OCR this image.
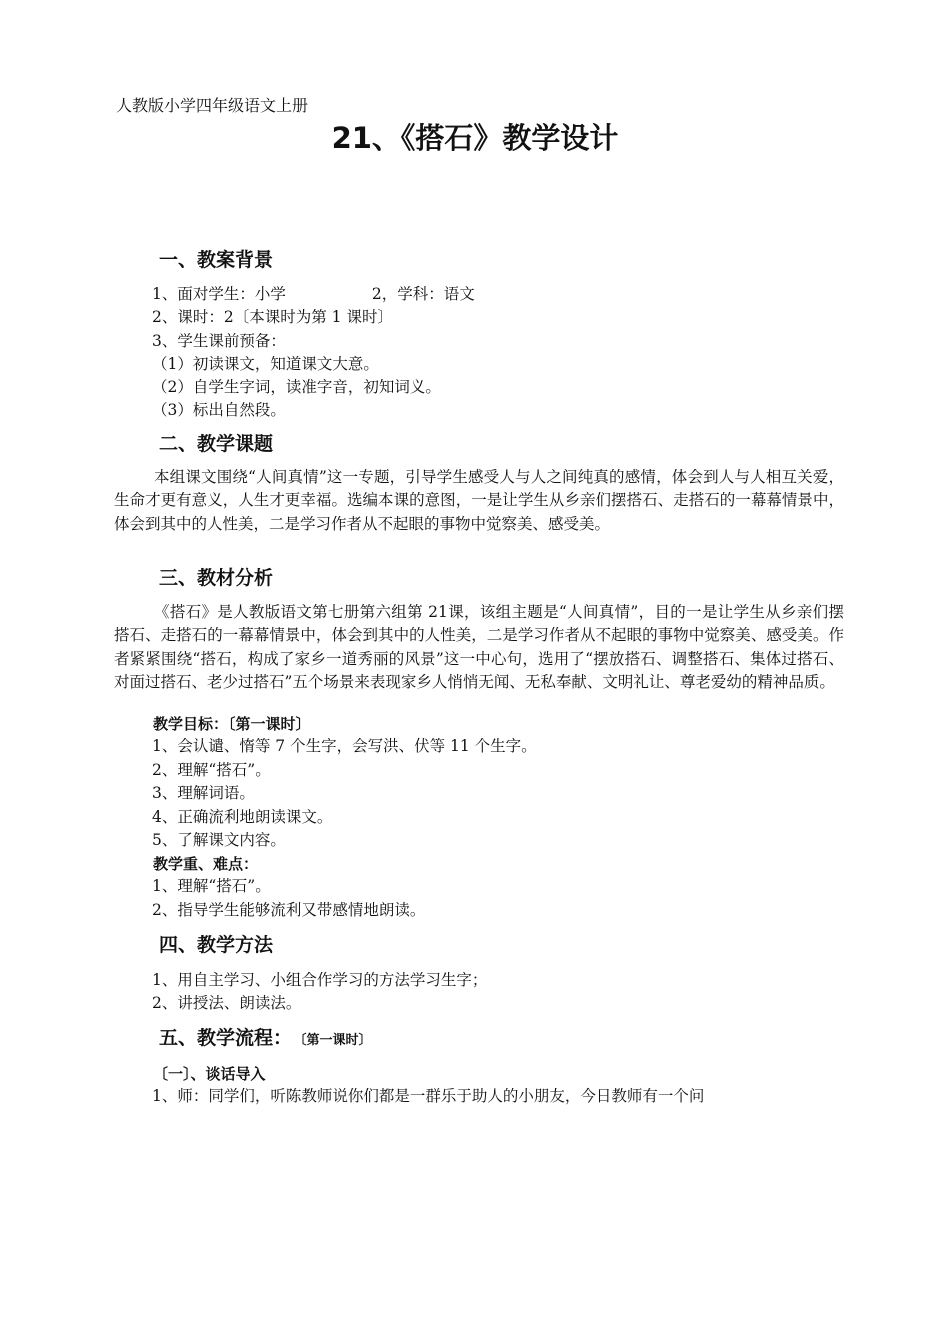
人教版小学四年级语文上册
21、《搭石》教学设计
一、教案背景
1、面对学生：小学	2，学科：语文
2、课时：2〔本课时为第 1 课时〕
3、学生课前预备：
（1）初读课文，知道课文大意。
（2）自学生字词，读准字音，初知词义。
（3）标出自然段。
二、教学课题
本组课文围绕“人间真情”这一专题，引导学生感受人与人之间纯真的感情，体会到人与人相互关爱，生命才更有意义，人生才更幸福。选编本课的意图，一是让学生从乡亲们摆搭石、走搭石的一幕幕情景中，体会到其中的人性美，二是学习作者从不起眼的事物中觉察美、感受美。
三、教材分析
《搭石》是人教版语文第七册第六组第 21课，该组主题是“人间真情”，目的一是让学生从乡亲们摆搭石、走搭石的一幕幕情景中，体会到其中的人性美，二是学习作者从不起眼的事物中觉察美、感受美。作者紧紧围绕“搭石，构成了家乡一道秀丽的风景”这一中心句，选用了“摆放搭石、调整搭石、集体过搭石、对面过搭石、老少过搭石”五个场景来表现家乡人悄悄无闻、无私奉献、文明礼让、尊老爱幼的精神品质。
教学目标：〔第一课时〕
1、会认谴、惰等 7 个生字，会写洪、伏等 11 个生字。
2、理解“搭石”。
3、理解词语。
4、正确流利地朗读课文。
5、了解课文内容。
教学重、难点：
1、理解“搭石”。
2、指导学生能够流利又带感情地朗读。
四、教学方法
1、用自主学习、小组合作学习的方法学习生字；
2、讲授法、朗读法。
五、教学流程： 〔第一课时〕
〔一〕、谈话导入
1、师：同学们，听陈教师说你们都是一群乐于助人的小朋友，今日教师有一个问
